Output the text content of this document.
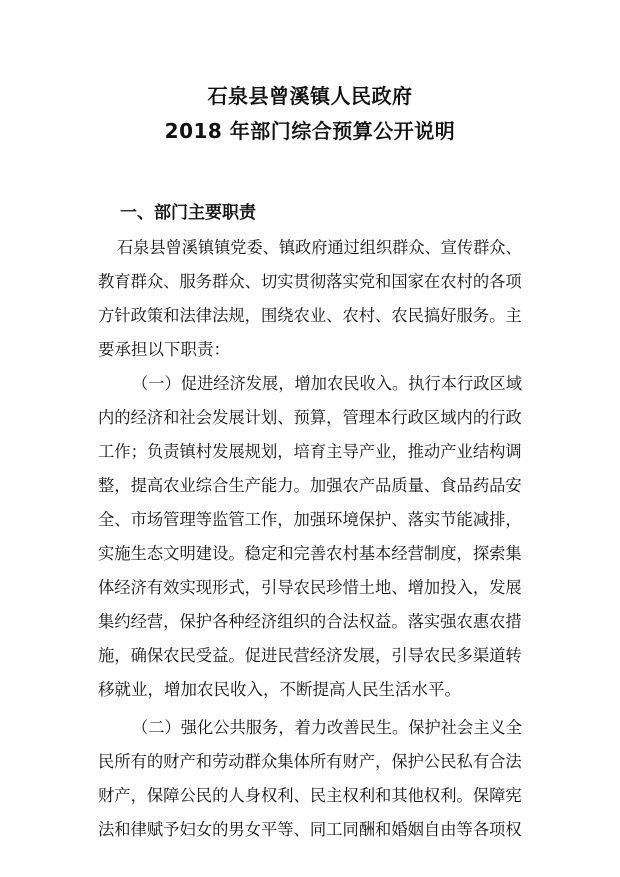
石泉县曾溪镇人民政府
2018 年部门综合预算公开说明
一、部门主要职责
石泉县曾溪镇镇党委、镇政府通过组织群众、宣传群众、
教育群众、服务群众、切实贯彻落实党和国家在农村的各项
方针政策和法律法规，围绕农业、农村、农民搞好服务。主
要承担以下职责：
（一）促进经济发展，增加农民收入。执行本行政区域
内的经济和社会发展计划、预算，管理本行政区域内的行政
工作；负责镇村发展规划，培育主导产业，推动产业结构调
整，提高农业综合生产能力。加强农产品质量、食品药品安
全、市场管理等监管工作，加强环境保护、落实节能减排，
实施生态文明建设。稳定和完善农村基本经营制度，探索集
体经济有效实现形式，引导农民珍惜土地、增加投入，发展
集约经营，保护各种经济组织的合法权益。落实强农惠农措
施，确保农民受益。促进民营经济发展，引导农民多渠道转
移就业，增加农民收入，不断提高人民生活水平。
（二）强化公共服务，着力改善民生。保护社会主义全
民所有的财产和劳动群众集体所有财产，保护公民私有合法
财产，保障公民的人身权利、民主权利和其他权利。保障宪
法和律赋予妇女的男女平等、同工同酬和婚姻自由等各项权
